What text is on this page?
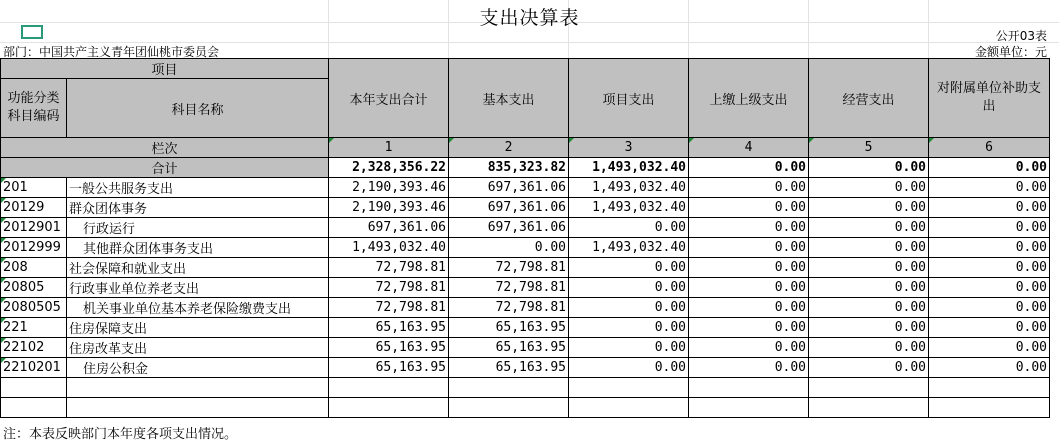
支出决算表
公开03表
部门：中国共产主义青年团仙桃市委员会	金额单位：元
项目		本年支出合计	基本支出	项目支出	上缴上级支出	经营支出	对附属单位补助支出
功能分类科目编码	科目名称						

栏次		1	2	3	4	5	6
合计		2,328,356.22	835,323.82	1,493,032.40	0.00	0.00	0.00

201	一般公共服务支出	2,190,393.46	697,361.06	1,493,032.40	0.00	0.00	0.00

20129	群众团体事务	2,190,393.46	697,361.06	1,493,032.40	0.00	0.00	0.00

2012901	行政运行	697,361.06	697,361.06	0.00	0.00	0.00	0.00

2012999	其他群众团体事务支出	1,493,032.40	0.00	1,493,032.40	0.00	0.00	0.00

208	社会保障和就业支出	72,798.81	72,798.81	0.00	0.00	0.00	0.00

20805	行政事业单位养老支出	72,798.81	72,798.81	0.00	0.00	0.00	0.00

2080505	机关事业单位基本养老保险缴费支出	72,798.81	72,798.81	0.00	0.00	0.00	0.00

221	住房保障支出	65,163.95	65,163.95	0.00	0.00	0.00	0.00

22102	住房改革支出	65,163.95	65,163.95	0.00	0.00	0.00	0.00

2210201	住房公积金	65,163.95	65,163.95	0.00	0.00	0.00	0.00

注：本表反映部门本年度各项支出情况。
